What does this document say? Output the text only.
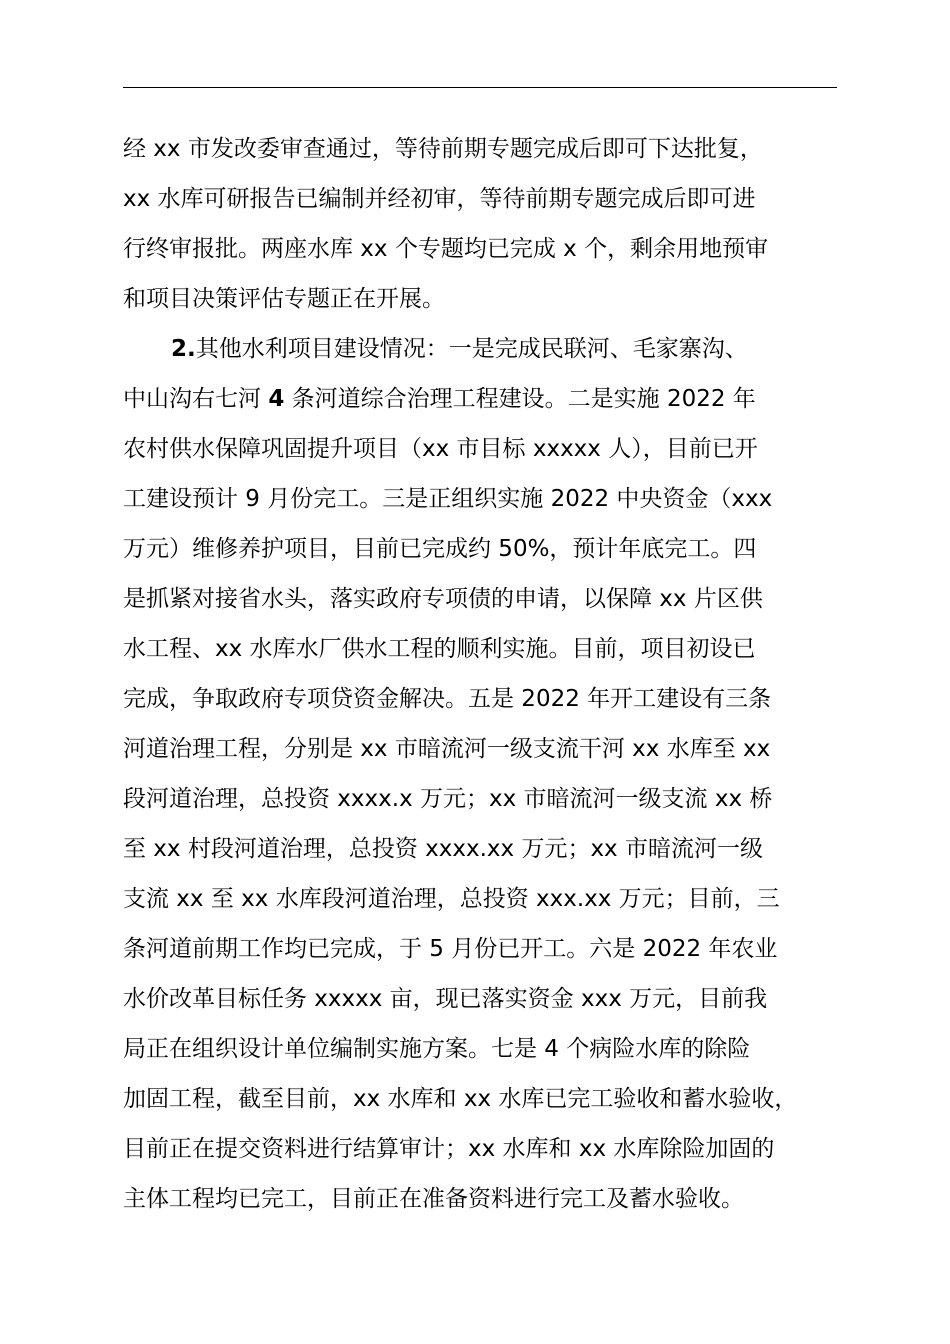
经 xx 市发改委审查通过，等待前期专题完成后即可下达批复，
xx 水库可研报告已编制并经初审，等待前期专题完成后即可进
行终审报批。两座水库 xx 个专题均已完成 x 个，剩余用地预审
和项目决策评估专题正在开展。
2.其他水利项目建设情况：一是完成民联河、毛家寨沟、
中山沟右七河 4 条河道综合治理工程建设。二是实施 2022 年
农村供水保障巩固提升项目（xx 市目标 xxxxx 人），目前已开
工建设预计 9 月份完工。三是正组织实施 2022 中央资金（xxx
万元）维修养护项目，目前已完成约 50%，预计年底完工。四
是抓紧对接省水头，落实政府专项债的申请，以保障 xx 片区供
水工程、xx 水库水厂供水工程的顺利实施。目前，项目初设已
完成，争取政府专项贷资金解决。五是 2022 年开工建设有三条
河道治理工程，分别是 xx 市暗流河一级支流干河 xx 水库至 xx
段河道治理，总投资 xxxx.x 万元；xx 市暗流河一级支流 xx 桥
至 xx 村段河道治理，总投资 xxxx.xx 万元；xx 市暗流河一级
支流 xx 至 xx 水库段河道治理，总投资 xxx.xx 万元；目前，三
条河道前期工作均已完成，于 5 月份已开工。六是 2022 年农业
水价改革目标任务 xxxxx 亩，现已落实资金 xxx 万元，目前我
局正在组织设计单位编制实施方案。七是 4 个病险水库的除险
加固工程，截至目前，xx 水库和 xx 水库已完工验收和蓄水验收，
目前正在提交资料进行结算审计；xx 水库和 xx 水库除险加固的
主体工程均已完工，目前正在准备资料进行完工及蓄水验收。
